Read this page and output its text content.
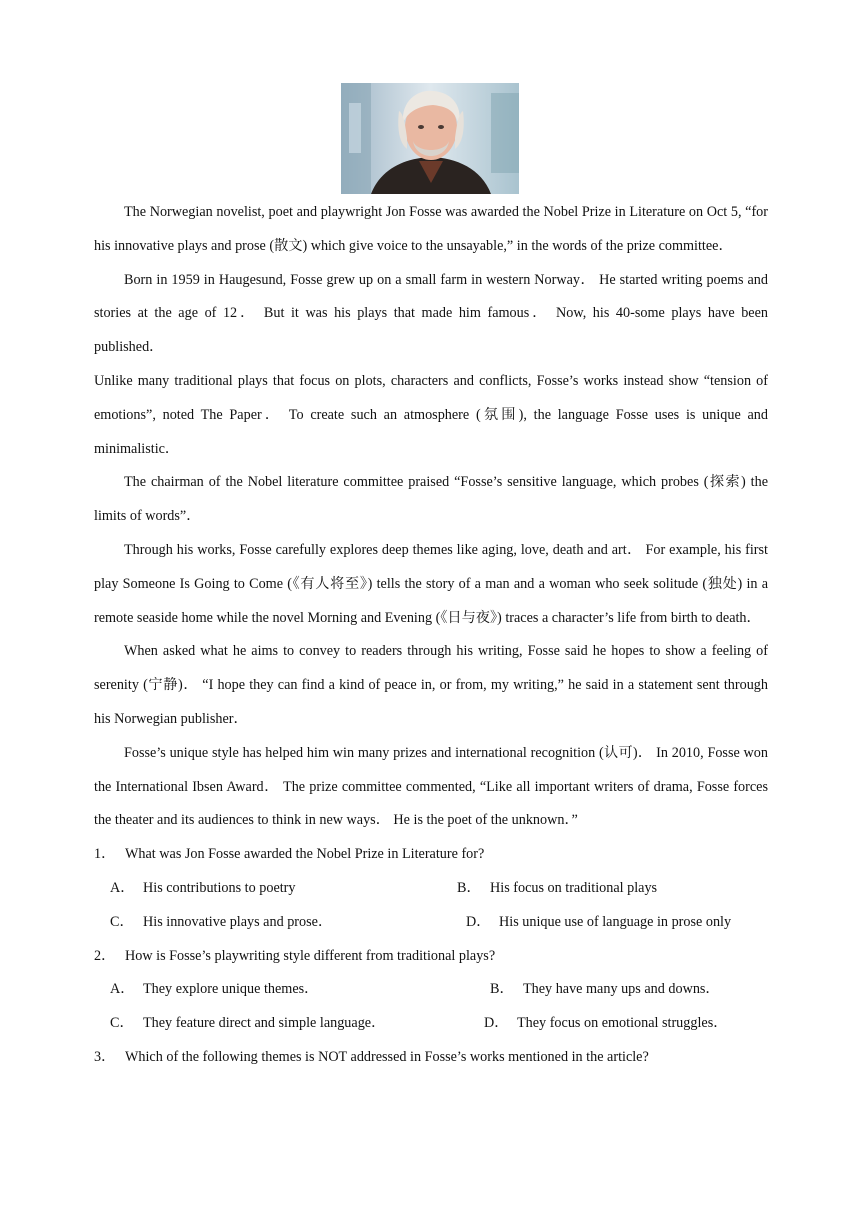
The Norwegian novelist, poet and playwright Jon Fosse was awarded the Nobel Prize in Literature on Oct 5, “for his innovative plays and prose (散文) which give voice to the unsayable,” in the words of the prize committee．

Born in 1959 in Haugesund, Fosse grew up on a small farm in western Norway． He started writing poems and stories at the age of 12． But it was his plays that made him famous． Now, his 40-some plays have been published．

Unlike many traditional plays that focus on plots, characters and conflicts, Fosse’s works instead show “tension of emotions”, noted The Paper． To create such an atmosphere (氛围), the language Fosse uses is unique and minimalistic．

The chairman of the Nobel literature committee praised “Fosse’s sensitive language, which probes (探索) the limits of words”．

Through his works, Fosse carefully explores deep themes like aging, love, death and art． For example, his first play Someone Is Going to Come (《有人将至》) tells the story of a man and a woman who seek solitude (独处) in a remote seaside home while the novel Morning and Evening (《日与夜》) traces a character’s life from birth to death．

When asked what he aims to convey to readers through his writing, Fosse said he hopes to show a feeling of serenity (宁静)． “I hope they can find a kind of peace in, or from, my writing,” he said in a statement sent through his Norwegian publisher．

Fosse’s unique style has helped him win many prizes and international recognition (认可)． In 2010, Fosse won the International Ibsen Award． The prize committee commented, “Like all important writers of drama, Fosse forces the theater and its audiences to think in new ways． He is the poet of the unknown．”

1． What was Jon Fosse awarded the Nobel Prize in Literature for?

A． His contributions to poetry	B． His focus on traditional plays
C． His innovative plays and prose．	D． His unique use of language in prose only

2． How is Fosse’s playwriting style different from traditional plays?

A． They explore unique themes．	B． They have many ups and downs．
C． They feature direct and simple language．	D． They focus on emotional struggles．

3． Which of the following themes is NOT addressed in Fosse’s works mentioned in the article?
